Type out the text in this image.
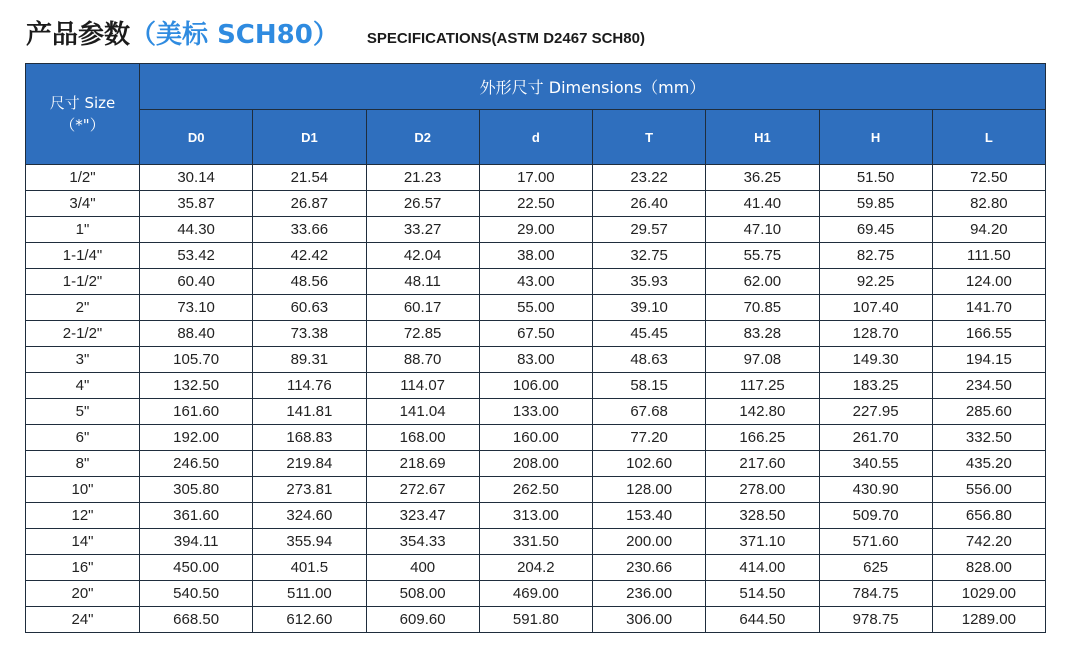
产品参数 （美标 SCH80） SPECIFICATIONS(ASTM D2467 SCH80)
尺寸 Size
（*"）	外形尺寸 Dimensions（mm）							
	D0	D1	D2	d	T	H1	H	L
1/2"	30.14	21.54	21.23	17.00	23.22	36.25	51.50	72.50
3/4"	35.87	26.87	26.57	22.50	26.40	41.40	59.85	82.80
1"	44.30	33.66	33.27	29.00	29.57	47.10	69.45	94.20
1-1/4"	53.42	42.42	42.04	38.00	32.75	55.75	82.75	111.50
1-1/2"	60.40	48.56	48.11	43.00	35.93	62.00	92.25	124.00
2"	73.10	60.63	60.17	55.00	39.10	70.85	107.40	141.70
2-1/2"	88.40	73.38	72.85	67.50	45.45	83.28	128.70	166.55
3"	105.70	89.31	88.70	83.00	48.63	97.08	149.30	194.15
4"	132.50	114.76	114.07	106.00	58.15	117.25	183.25	234.50
5"	161.60	141.81	141.04	133.00	67.68	142.80	227.95	285.60
6"	192.00	168.83	168.00	160.00	77.20	166.25	261.70	332.50
8"	246.50	219.84	218.69	208.00	102.60	217.60	340.55	435.20
10"	305.80	273.81	272.67	262.50	128.00	278.00	430.90	556.00
12"	361.60	324.60	323.47	313.00	153.40	328.50	509.70	656.80
14"	394.11	355.94	354.33	331.50	200.00	371.10	571.60	742.20
16"	450.00	401.5	400	204.2	230.66	414.00	625	828.00
20"	540.50	511.00	508.00	469.00	236.00	514.50	784.75	1029.00
24"	668.50	612.60	609.60	591.80	306.00	644.50	978.75	1289.00
